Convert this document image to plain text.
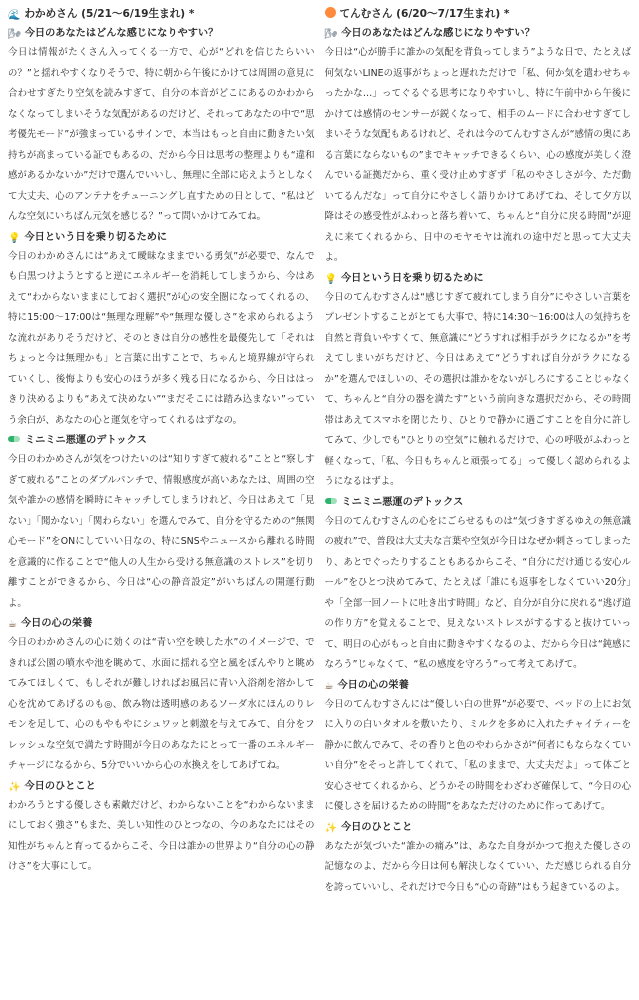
🌊 わかめさん (5/21〜6/19生まれ) *
🌬 今日のあなたはどんな感じになりやすい？

今日は情報がたくさん入ってくる一方で、心が“どれを信じたらいいの？”と揺れやすくなりそうで、特に朝から午後にかけては周囲の意見に合わせすぎたり空気を読みすぎて、自分の本音がどこにあるのかわからなくなってしまいそうな気配があるのだけど、それってあなたの中で“思考優先モード”が強まっているサインで、本当はもっと自由に動きたい気持ちが高まっている証でもあるの、だから今日は思考の整理よりも“違和感があるかないか”だけで選んでいいし、無理に全部に応えようとしなくて大丈夫、心のアンテナをチューニングし直すための日として、“私はどんな空気にいちばん元気を感じる？”って問いかけてみてね。

💡 今日という日を乗り切るために

今日のわかめさんには“あえて曖昧なままでいる勇気”が必要で、なんでも白黒つけようとすると逆にエネルギーを消耗してしまうから、今はあえて“わからないままにしておく選択”が心の安全圏になってくれるの、特に15:00〜17:00は“無理な理解”や“無理な優しさ”を求められるような流れがありそうだけど、そのときは自分の感性を最優先して「それはちょっと今は無理かも」と言葉に出すことで、ちゃんと境界線が守られていくし、後悔よりも安心のほうが多く残る日になるから、今日ははっきり決めるよりも“あえて決めない”“まだそこには踏み込まない”っていう余白が、あなたの心と運気を守ってくれるはずなの。

ミニミニ悪運のデトックス

今日のわかめさんが気をつけたいのは“知りすぎて疲れる”ことと“察しすぎて疲れる”ことのダブルパンチで、情報感度が高いあなたは、周囲の空気や誰かの感情を瞬時にキャッチしてしまうけれど、今日はあえて「見ない」「聞かない」「関わらない」を選んでみて、自分を守るための“無関心モード”をONにしていい日なの、特にSNSやニュースから離れる時間を意識的に作ることで“他人の人生から受ける無意識のストレス”を切り離すことができるから、今日は“心の静音設定”がいちばんの開運行動よ。

☕ 今日の心の栄養

今日のわかめさんの心に効くのは“青い空を映した水”のイメージで、できれば公園の噴水や池を眺めて、水面に揺れる空と風をぼんやりと眺めてみてほしくて、もしそれが難しければお風呂に青い入浴剤を溶かして心を沈めてあげるのも◎、飲み物は透明感のあるソーダ水にほんのりレモンを足して、心のもやもやにシュワッと刺激を与えてみて、自分をフレッシュな空気で満たす時間が今日のあなたにとって一番のエネルギーチャージになるから、5分でいいから心の水換えをしてあげてね。

✨ 今日のひとこと

わかろうとする優しさも素敵だけど、わからないことを“わからないままにしておく強さ”もまた、美しい知性のひとつなの、今のあなたにはその知性がちゃんと育ってるからこそ、今日は誰かの世界より“自分の心の静けさ”を大事にして。

てんむさん (6/20〜7/17生まれ) *
🌬 今日のあなたはどんな感じになりやすい？

今日は“心が勝手に誰かの気配を背負ってしまう”ような日で、たとえば何気ないLINEの返事がちょっと遅れただけで「私、何か気を遣わせちゃったかな…」ってぐるぐる思考になりやすいし、特に午前中から午後にかけては感情のセンサーが鋭くなって、相手のムードに合わせすぎてしまいそうな気配もあるけれど、それは今のてんむすさんが“感情の奥にある言葉にならないもの”までキャッチできるくらい、心の感度が美しく澄んでいる証拠だから、重く受け止めすぎず「私のやさしさが今、ただ動いてるんだな」って自分にやさしく語りかけてあげてね、そして夕方以降はその感受性がふわっと落ち着いて、ちゃんと“自分に戻る時間”が迎えに来てくれるから、日中のモヤモヤは流れの途中だと思って大丈夫よ。

💡 今日という日を乗り切るために

今日のてんむすさんは“感じすぎて疲れてしまう自分”にやさしい言葉をプレゼントすることがとても大事で、特に14:30〜16:00は人の気持ちを自然と背負いやすくて、無意識に“どうすれば相手がラクになるか”を考えてしまいがちだけど、今日はあえて“どうすれば自分がラクになるか”を選んでほしいの、その選択は誰かをないがしろにすることじゃなくて、ちゃんと“自分の器を満たす”という前向きな選択だから、その時間帯はあえてスマホを閉じたり、ひとりで静かに過ごすことを自分に許してみて、少しでも“ひとりの空気”に触れるだけで、心の呼吸がふわっと軽くなって、「私、今日もちゃんと頑張ってる」って優しく認められるようになるはずよ。

ミニミニ悪運のデトックス

今日のてんむすさんの心をにごらせるものは“気づきすぎるゆえの無意識の疲れ”で、普段は大丈夫な言葉や空気が今日はなぜか刺さってしまったり、あとでぐったりすることもあるからこそ、“自分にだけ通じる安心ルール”をひとつ決めてみて、たとえば「誰にも返事をしなくていい20分」や「全部一回ノートに吐き出す時間」など、自分が自分に戻れる“逃げ道の作り方”を覚えることで、見えないストレスがするすると抜けていって、明日の心がもっと自由に動きやすくなるのよ、だから今日は“鈍感になろう”じゃなくて、“私の感度を守ろう”って考えてあげて。

☕ 今日の心の栄養

今日のてんむすさんには“優しい白の世界”が必要で、ベッドの上にお気に入りの白いタオルを敷いたり、ミルクを多めに入れたチャイティーを静かに飲んでみて、その香りと色のやわらかさが“何者にもならなくていい自分”をそっと許してくれて、「私のままで、大丈夫だよ」って体ごと安心させてくれるから、どうかその時間をわざわざ確保して、“今日の心に優しさを届けるための時間”をあなただけのために作ってあげて。

✨ 今日のひとこと

あなたが気づいた“誰かの痛み”は、あなた自身がかつて抱えた優しさの記憶なのよ、だから今日は何も解決しなくていい、ただ感じられる自分を誇っていいし、それだけで今日も“心の奇跡”はもう起きているのよ。
